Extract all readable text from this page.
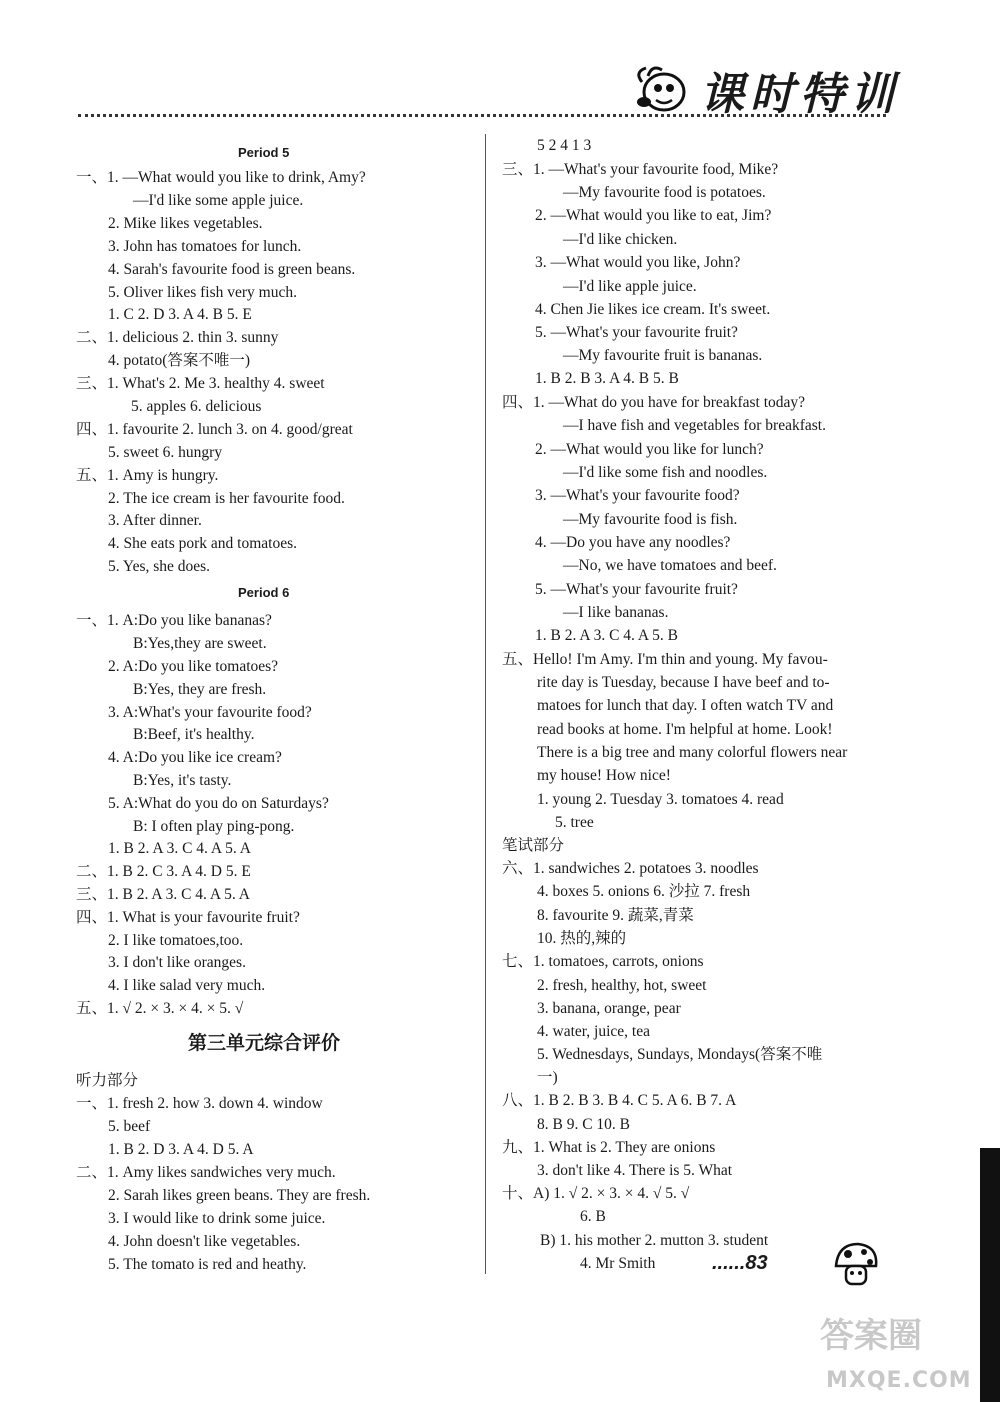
课时特训
Period 5
一、1. —What would you like to drink, Amy?
—I'd like some apple juice.
2. Mike likes vegetables.
3. John has tomatoes for lunch.
4. Sarah's favourite food is green beans.
5. Oliver likes fish very much.
1. C 2. D 3. A 4. B 5. E
二、1. delicious 2. thin 3. sunny
4. potato(答案不唯一)
三、1. What's 2. Me 3. healthy 4. sweet
5. apples 6. delicious
四、1. favourite 2. lunch 3. on 4. good/great
5. sweet 6. hungry
五、1. Amy is hungry.
2. The ice cream is her favourite food.
3. After dinner.
4. She eats pork and tomatoes.
5. Yes, she does.
Period 6
一、1. A:Do you like bananas?
B:Yes,they are sweet.
2. A:Do you like tomatoes?
B:Yes, they are fresh.
3. A:What's your favourite food?
B:Beef, it's healthy.
4. A:Do you like ice cream?
B:Yes, it's tasty.
5. A:What do you do on Saturdays?
B: I often play ping-pong.
1. B 2. A 3. C 4. A 5. A
二、1. B 2. C 3. A 4. D 5. E
三、1. B 2. A 3. C 4. A 5. A
四、1. What is your favourite fruit?
2. I like tomatoes,too.
3. I don't like oranges.
4. I like salad very much.
五、1. √ 2. × 3. × 4. × 5. √
第三单元综合评价
听力部分
一、1. fresh 2. how 3. down 4. window
5. beef
1. B 2. D 3. A 4. D 5. A
二、1. Amy likes sandwiches very much.
2. Sarah likes green beans. They are fresh.
3. I would like to drink some juice.
4. John doesn't like vegetables.
5. The tomato is red and heathy.
5 2 4 1 3
三、1. —What's your favourite food, Mike?
—My favourite food is potatoes.
2. —What would you like to eat, Jim?
—I'd like chicken.
3. —What would you like, John?
—I'd like apple juice.
4. Chen Jie likes ice cream. It's sweet.
5. —What's your favourite fruit?
—My favourite fruit is bananas.
1. B 2. B 3. A 4. B 5. B
四、1. —What do you have for breakfast today?
—I have fish and vegetables for breakfast.
2. —What would you like for lunch?
—I'd like some fish and noodles.
3. —What's your favourite food?
—My favourite food is fish.
4. —Do you have any noodles?
—No, we have tomatoes and beef.
5. —What's your favourite fruit?
—I like bananas.
1. B 2. A 3. C 4. A 5. B
五、Hello! I'm Amy. I'm thin and young. My favou-
rite day is Tuesday, because I have beef and to-
matoes for lunch that day. I often watch TV and
read books at home. I'm helpful at home. Look!
There is a big tree and many colorful flowers near
my house! How nice!
1. young 2. Tuesday 3. tomatoes 4. read
5. tree
笔试部分
六、1. sandwiches 2. potatoes 3. noodles
4. boxes 5. onions 6. 沙拉 7. fresh
8. favourite 9. 蔬菜,青菜
10. 热的,辣的
七、1. tomatoes, carrots, onions
2. fresh, healthy, hot, sweet
3. banana, orange, pear
4. water, juice, tea
5. Wednesdays, Sundays, Mondays(答案不唯
一)
八、1. B 2. B 3. B 4. C 5. A 6. B 7. A
8. B 9. C 10. B
九、1. What is 2. They are onions
3. don't like 4. There is 5. What
十、A) 1. √ 2. × 3. × 4. √ 5. √
6. B
B) 1. his mother 2. mutton 3. student
4. Mr Smith	......83
答案圈
MXQE.COM
